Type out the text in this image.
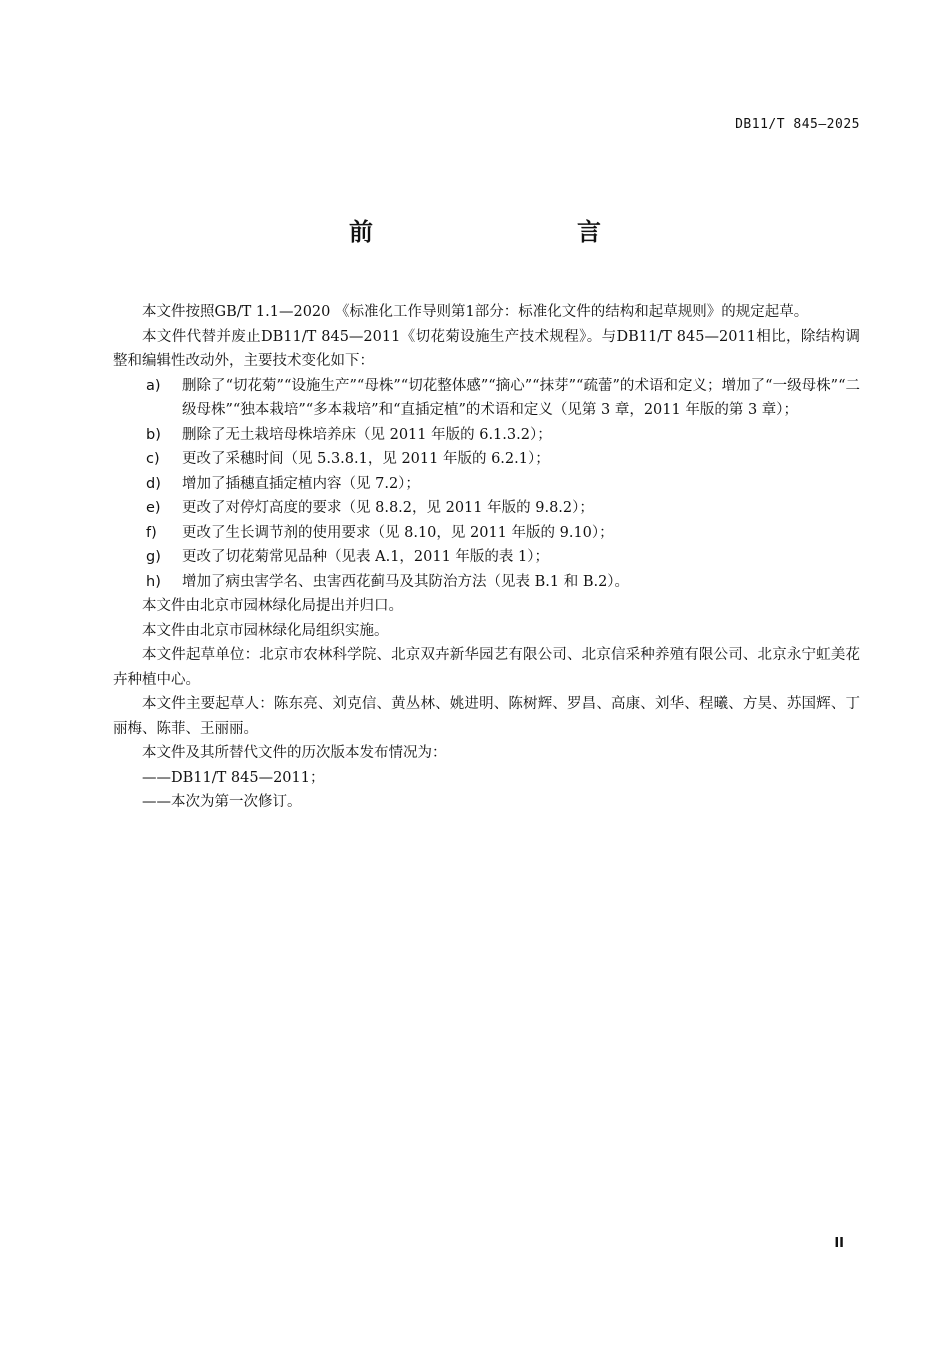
DB11/T 845—2025
前　　言

本文件按照GB/T 1.1—2020 《标准化工作导则第1部分：标准化文件的结构和起草规则》的规定起草。

本文件代替并废止DB11/T 845—2011《切花菊设施生产技术规程》。与DB11/T 845—2011相比，除结构调整和编辑性改动外，主要技术变化如下：

a)	删除了“切花菊”“设施生产”“母株”“切花整体感”“摘心”“抹芽”“疏蕾”的术语和定义；增加了“一级母株”“二级母株”“独本栽培”“多本栽培”和“直插定植”的术语和定义（见第 3 章，2011 年版的第 3 章）；
b)	删除了无土栽培母株培养床（见 2011 年版的 6.1.3.2）；
c)	更改了采穗时间（见 5.3.8.1，见 2011 年版的 6.2.1）；
d)	增加了插穗直插定植内容（见 7.2）；
e)	更改了对停灯高度的要求（见 8.8.2，见 2011 年版的 9.8.2）；
f)	更改了生长调节剂的使用要求（见 8.10，见 2011 年版的 9.10）；
g)	更改了切花菊常见品种（见表 A.1，2011 年版的表 1）；
h)	增加了病虫害学名、虫害西花蓟马及其防治方法（见表 B.1 和 B.2）。

本文件由北京市园林绿化局提出并归口。

本文件由北京市园林绿化局组织实施。

本文件起草单位：北京市农林科学院、北京双卉新华园艺有限公司、北京信采种养殖有限公司、北京永宁虹美花卉种植中心。

本文件主要起草人：陈东亮、刘克信、黄丛林、姚进明、陈树辉、罗昌、高康、刘华、程曦、方昊、苏国辉、丁丽梅、陈菲、王丽丽。

本文件及其所替代文件的历次版本发布情况为：

——DB11/T 845—2011；

——本次为第一次修订。

II
